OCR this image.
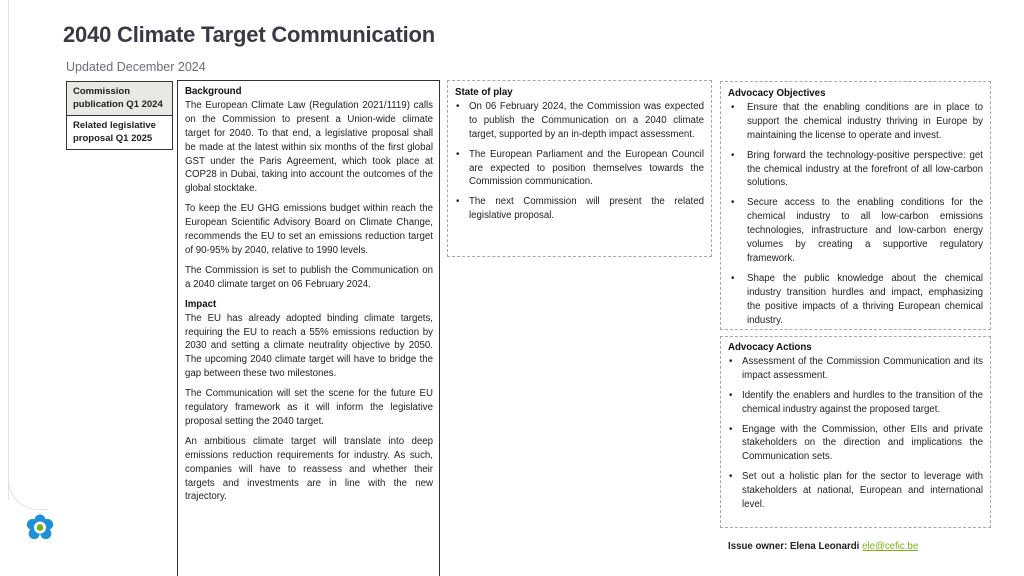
2040 Climate Target Communication
Updated December 2024
Commission publication Q1 2024
Related legislative proposal Q1 2025
Background

The European Climate Law (Regulation 2021/1119) calls on the Commission to present a Union-wide climate target for 2040. To that end, a legislative proposal shall be made at the latest within six months of the first global GST under the Paris Agreement, which took place at COP28 in Dubai, taking into account the outcomes of the global stocktake.

To keep the EU GHG emissions budget within reach the European Scientific Advisory Board on Climate Change, recommends the EU to set an emissions reduction target of 90-95% by 2040, relative to 1990 levels.

The Commission is set to publish the Communication on a 2040 climate target on 06 February 2024.

Impact

The EU has already adopted binding climate targets, requiring the EU to reach a 55% emissions reduction by 2030 and setting a climate neutrality objective by 2050. The upcoming 2040 climate target will have to bridge the gap between these two milestones.

The Communication will set the scene for the future EU regulatory framework as it will inform the legislative proposal setting the 2040 target.

An ambitious climate target will translate into deep emissions reduction requirements for industry. As such, companies will have to reassess and whether their targets and investments are in line with the new trajectory.

State of play
• On 06 February 2024, the Commission was expected to publish the Communication on a 2040 climate target, supported by an in-depth impact assessment.
• The European Parliament and the European Council are expected to position themselves towards the Commission communication.
• The next Commission will present the related legislative proposal.
Advocacy Objectives
• Ensure that the enabling conditions are in place to support the chemical industry thriving in Europe by maintaining the license to operate and invest.
• Bring forward the technology-positive perspective: get the chemical industry at the forefront of all low-carbon solutions.
• Secure access to the enabling conditions for the chemical industry to all low-carbon emissions technologies, infrastructure and low-carbon energy volumes by creating a supportive regulatory framework.
• Shape the public knowledge about the chemical industry transition hurdles and impact, emphasizing the positive impacts of a thriving European chemical industry.
Advocacy Actions
• Assessment of the Commission Communication and its impact assessment.
• Identify the enablers and hurdles to the transition of the chemical industry against the proposed target.
• Engage with the Commission, other EIIs and private stakeholders on the direction and implications the Communication sets.
• Set out a holistic plan for the sector to leverage with stakeholders at national, European and international level.
Issue owner: Elena Leonardi ele@cefic.be
